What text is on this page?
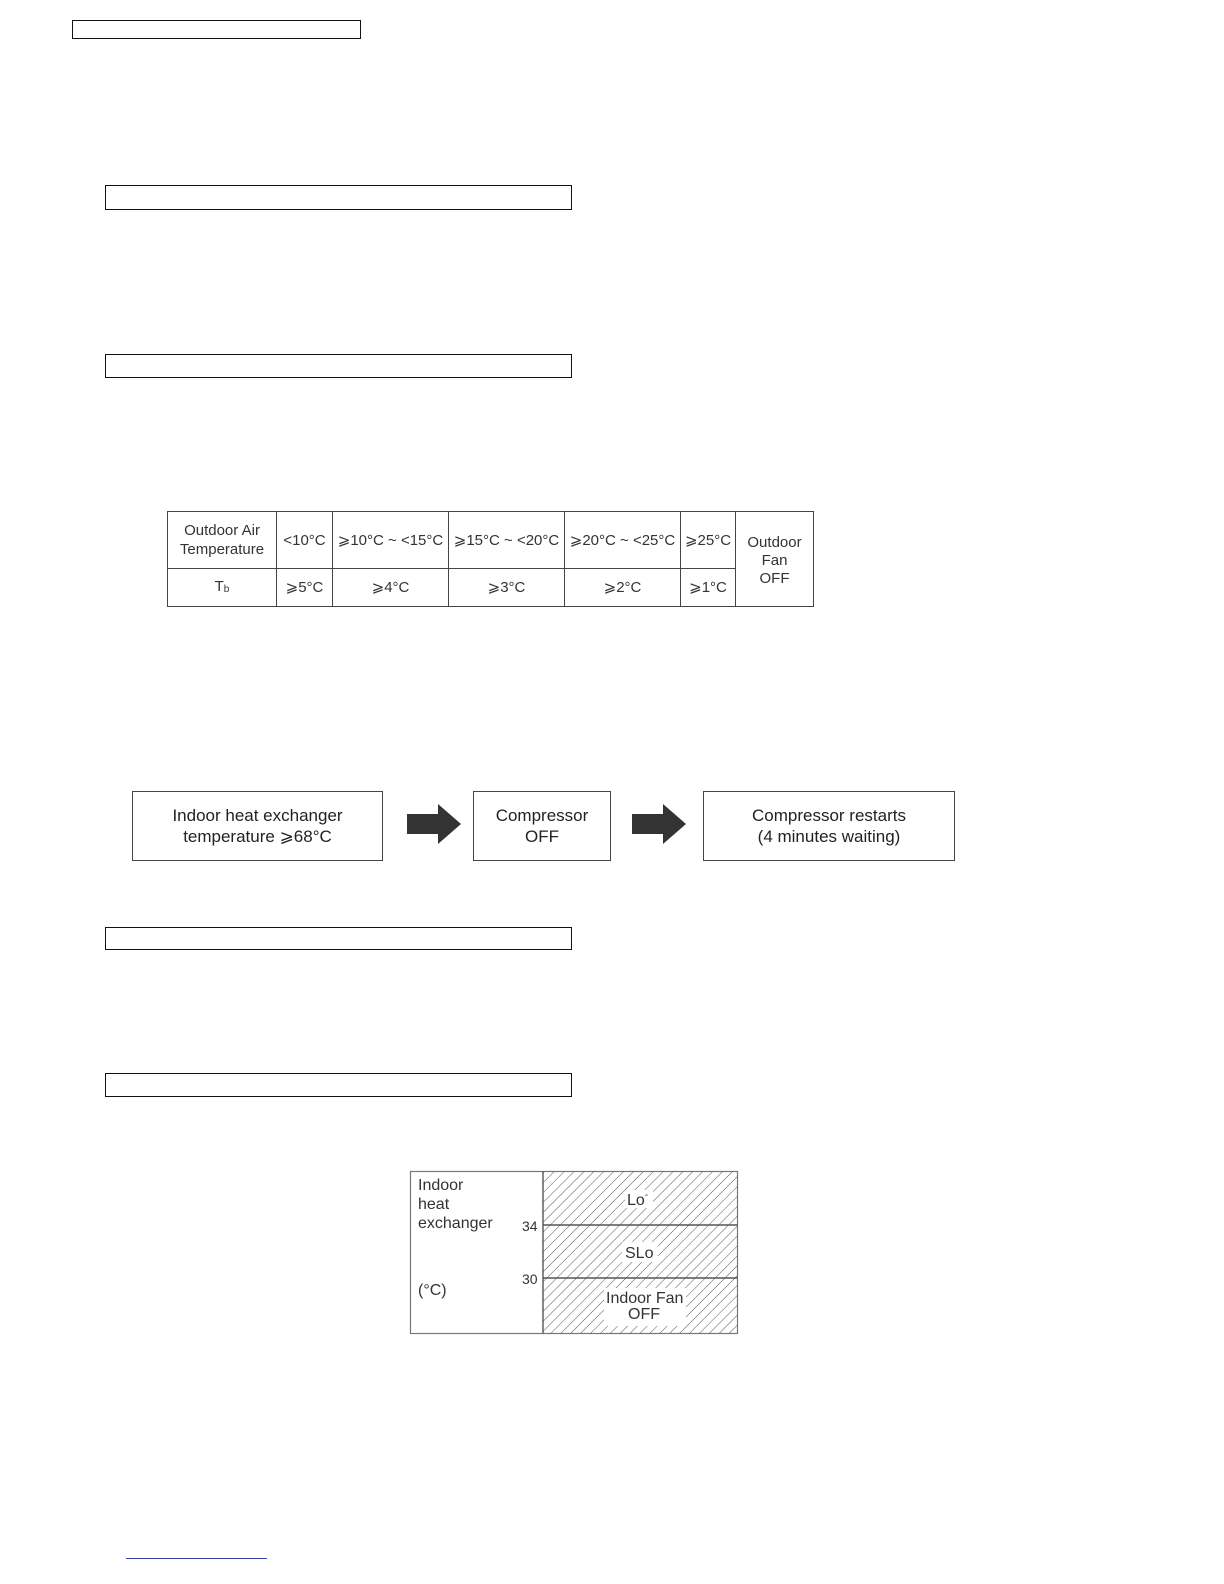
Outdoor Air
Temperature	<10°C	⩾10°C ~ <15°C	⩾15°C ~ <20°C	⩾20°C ~ <25°C	⩾25°C	Outdoor
Fan
OFF
$T_b$	⩾5°C	⩾4°C	⩾3°C	⩾2°C	⩾1°C	
Indoor heat exchanger
temperature ⩾68°C
Compressor
OFF
Compressor restarts
(4 minutes waiting)
Indoor
heat
exchanger
(°C)
34
30
Lo-
SLo
Indoor Fan
OFF
